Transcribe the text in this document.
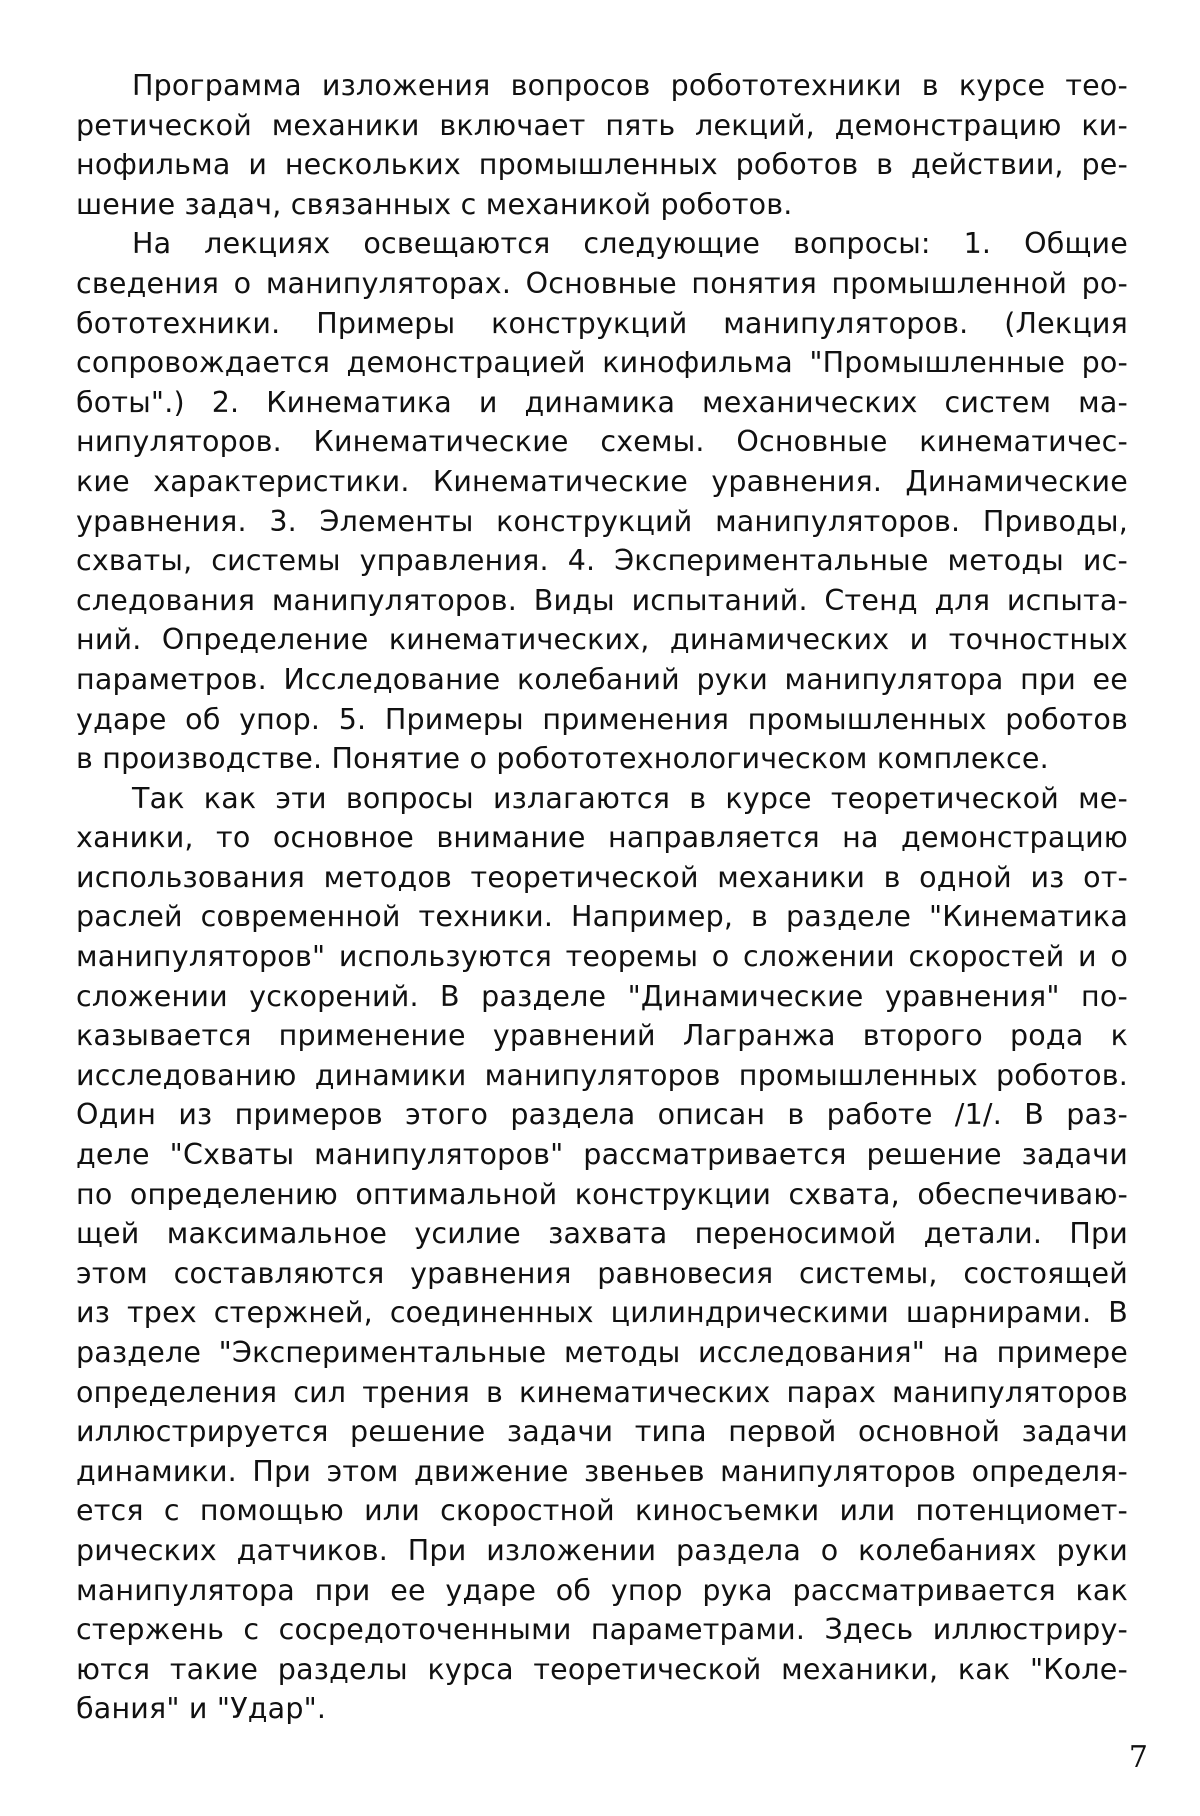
Программа изложения вопросов робототехники в курсе тео-
ретической механики включает пять лекций, демонстрацию ки-
нофильма и нескольких промышленных роботов в действии, ре-
шение задач, связанных с механикой роботов.
На лекциях освещаются следующие вопросы: 1. Общие
сведения о манипуляторах. Основные понятия промышленной ро-
бототехники. Примеры конструкций манипуляторов. (Лекция
сопровождается демонстрацией кинофильма "Промышленные ро-
боты".) 2. Кинематика и динамика механических систем ма-
нипуляторов. Кинематические схемы. Основные кинематичес-
кие характеристики. Кинематические уравнения. Динамические
уравнения. 3. Элементы конструкций манипуляторов. Приводы,
схваты, системы управления. 4. Экспериментальные методы ис-
следования манипуляторов. Виды испытаний. Стенд для испыта-
ний. Определение кинематических, динамических и точностных
параметров. Исследование колебаний руки манипулятора при ее
ударе об упор. 5. Примеры применения промышленных роботов
в производстве. Понятие о робототехнологическом комплексе.
Так как эти вопросы излагаются в курсе теоретической ме-
ханики, то основное внимание направляется на демонстрацию
использования методов теоретической механики в одной из от-
раслей современной техники. Например, в разделе "Кинематика
манипуляторов" используются теоремы о сложении скоростей и о
сложении ускорений. В разделе "Динамические уравнения" по-
казывается применение уравнений Лагранжа второго рода к
исследованию динамики манипуляторов промышленных роботов.
Один из примеров этого раздела описан в работе /1/. В раз-
деле "Схваты манипуляторов" рассматривается решение задачи
по определению оптимальной конструкции схвата, обеспечиваю-
щей максимальное усилие захвата переносимой детали. При
этом составляются уравнения равновесия системы, состоящей
из трех стержней, соединенных цилиндрическими шарнирами. В
разделе "Экспериментальные методы исследования" на примере
определения сил трения в кинематических парах манипуляторов
иллюстрируется решение задачи типа первой основной задачи
динамики. При этом движение звеньев манипуляторов определя-
ется с помощью или скоростной киносъемки или потенциомет-
рических датчиков. При изложении раздела о колебаниях руки
манипулятора при ее ударе об упор рука рассматривается как
стержень с сосредоточенными параметрами. Здесь иллюстриру-
ются такие разделы курса теоретической механики, как "Коле-
бания" и "Удар".
7
